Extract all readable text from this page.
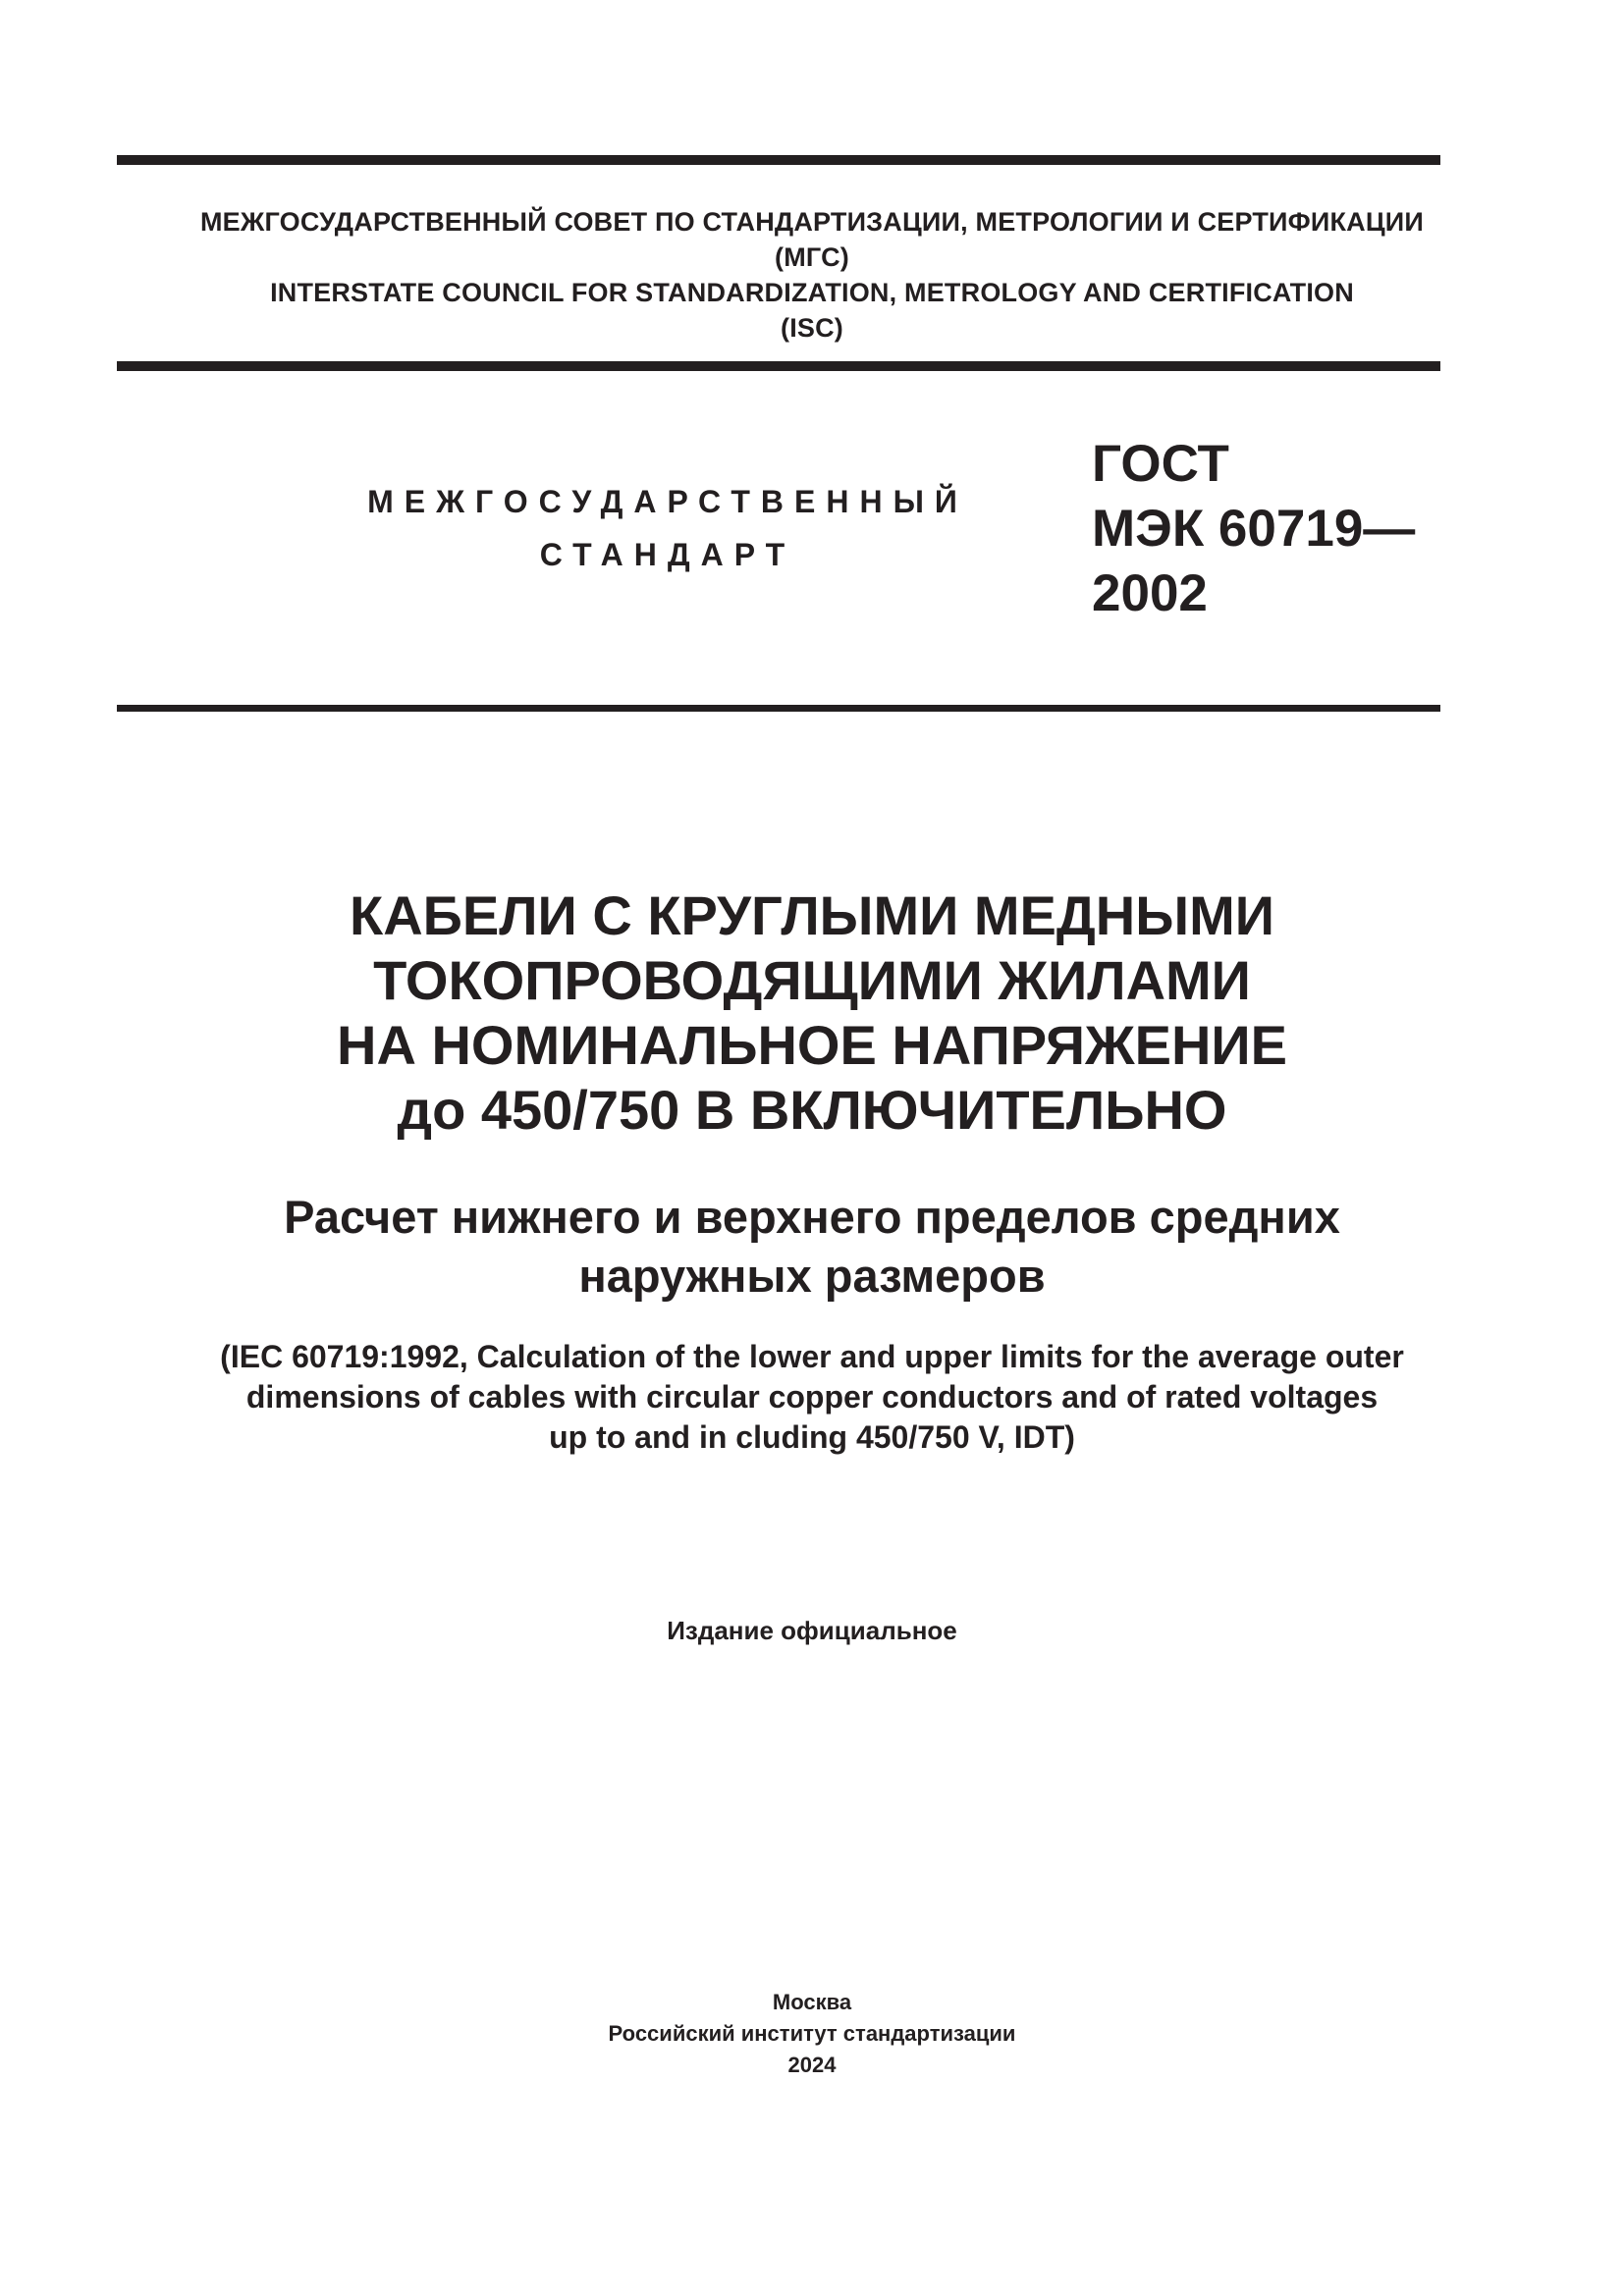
МЕЖГОСУДАРСТВЕННЫЙ СОВЕТ ПО СТАНДАРТИЗАЦИИ, МЕТРОЛОГИИ И СЕРТИФИКАЦИИ
(МГС)
INTERSTATE COUNCIL FOR STANDARDIZATION, METROLOGY AND CERTIFICATION
(ISC)
МЕЖГОСУДАРСТВЕННЫЙ
СТАНДАРТ
ГОСТ
МЭК 60719—
2002
КАБЕЛИ С КРУГЛЫМИ МЕДНЫМИ
ТОКОПРОВОДЯЩИМИ ЖИЛАМИ
НА НОМИНАЛЬНОЕ НАПРЯЖЕНИЕ
до 450/750 В ВКЛЮЧИТЕЛЬНО
Расчет нижнего и верхнего пределов средних
наружных размеров
(IEC 60719:1992, Calculation of the lower and upper limits for the average outer
dimensions of cables with circular copper conductors and of rated voltages
up to and in cluding 450/750 V, IDT)
Издание официальное
Москва
Российский институт стандартизации
2024
